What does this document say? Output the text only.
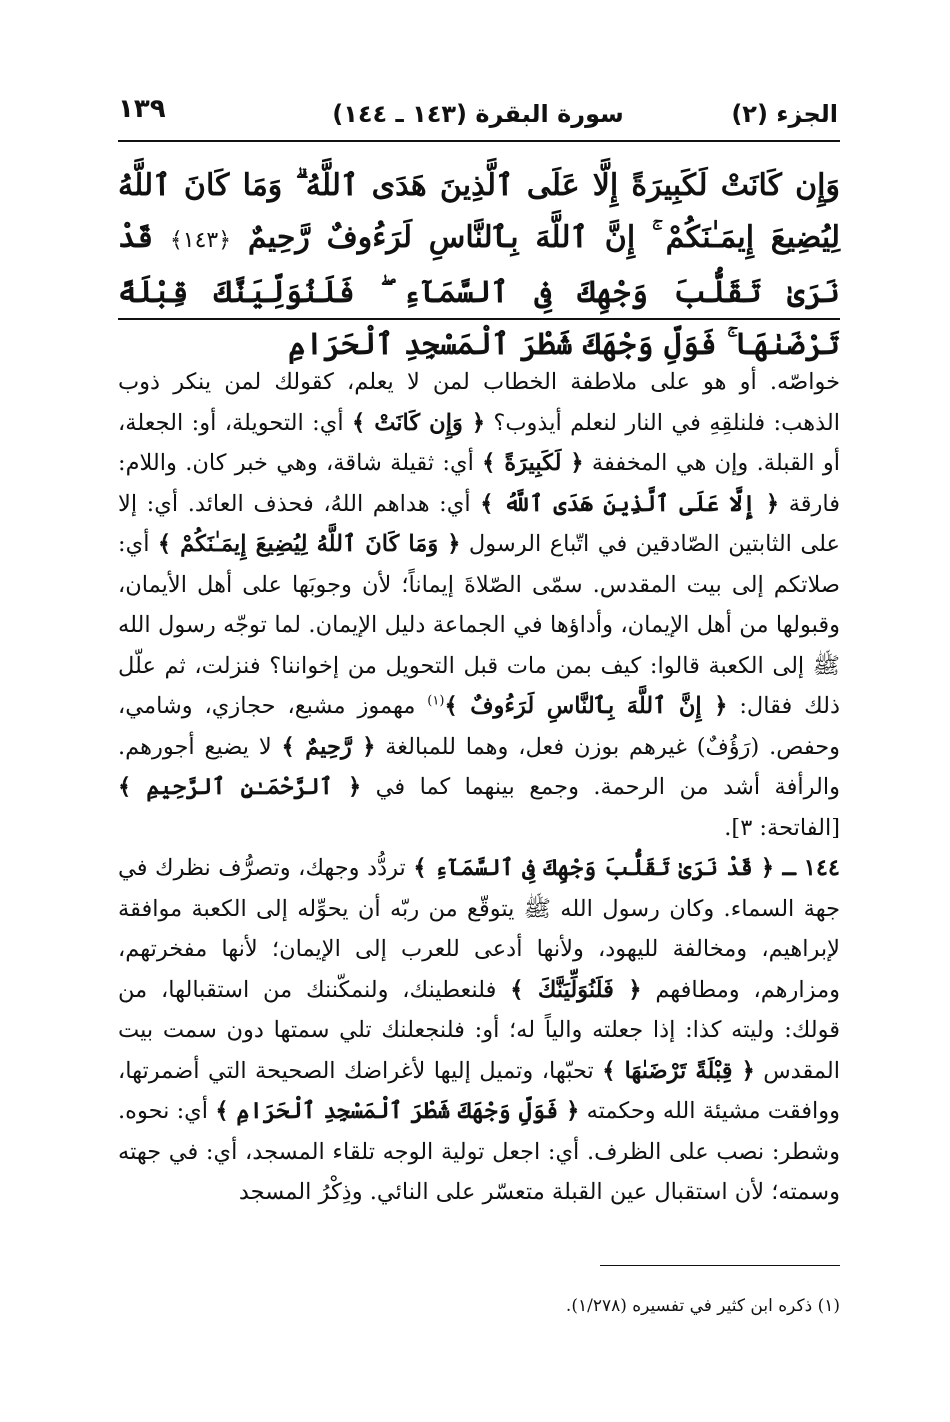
الجزء (٢)
سورة البقرة (١٤٣ ـ ١٤٤)
١٣٩
وَإِن كَانَتْ لَكَبِيرَةً إِلَّا عَلَى ٱلَّذِينَ هَدَى ٱللَّهُ ۗ وَمَا كَانَ ٱللَّهُ لِيُضِيعَ إِيمَـٰنَكُمْ ۚ إِنَّ ٱللَّهَ بِٱلنَّاسِ لَرَءُوفٌ رَّحِيمٌ ﴿١٤٣﴾ قَدْ نَرَىٰ تَقَلُّبَ وَجْهِكَ فِى ٱلسَّمَآءِ ۖ فَلَنُوَلِّيَنَّكَ قِبْلَةً تَرْضَىٰهَا ۚ فَوَلِّ وَجْهَكَ شَطْرَ ٱلْمَسْجِدِ ٱلْحَرَامِ

خواصّه. أو هو على ملاطفة الخطاب لمن لا يعلم، كقولك لمن ينكر ذوب الذهب: فلنلقِهِ في النار لنعلم أيذوب؟ ﴿ وَإِن كَانَتْ ﴾ أي: التحويلة، أو: الجعلة، أو القبلة. وإن هي المخففة ﴿ لَكَبِيرَةً ﴾ أي: ثقيلة شاقة، وهي خبر كان. واللام: فارقة ﴿ إِلَّا عَلَى ٱلَّذِينَ هَدَى ٱللَّهُ ﴾ أي: هداهم اللهُ، فحذف العائد. أي: إلا على الثابتين الصّادقين في اتّباع الرسول ﴿ وَمَا كَانَ ٱللَّهُ لِيُضِيعَ إِيمَـٰنَكُمْ ﴾ أي: صلاتكم إلى بيت المقدس. سمّى الصّلاةَ إيماناً؛ لأن وجوبَها على أهل الأيمان، وقبولها من أهل الإيمان، وأداؤها في الجماعة دليل الإيمان. لما توجّه رسول الله ﷺ إلى الكعبة قالوا: كيف بمن مات قبل التحويل من إخواننا؟ فنزلت، ثم علّل ذلك فقال: ﴿ إِنَّ ٱللَّهَ بِٱلنَّاسِ لَرَءُوفٌ ﴾$^{(١)}$ مهموز مشبع، حجازي، وشامي، وحفص. (رَؤُفٌ) غيرهم بوزن فعل، وهما للمبالغة ﴿ رَّحِيمٌ ﴾ لا يضيع أجورهم. والرأفة أشد من الرحمة. وجمع بينهما كما في ﴿ ٱلرَّحْمَـٰنِ ٱلرَّحِيمِ ﴾ [الفاتحة: ٣].

١٤٤ ـ ﴿ قَدْ نَرَىٰ تَقَلُّبَ وَجْهِكَ فِى ٱلسَّمَآءِ ﴾ تردُّد وجهك، وتصرُّف نظرك في جهة السماء. وكان رسول الله ﷺ يتوقّع من ربّه أن يحوِّله إلى الكعبة موافقة لإبراهيم، ومخالفة لليهود، ولأنها أدعى للعرب إلى الإيمان؛ لأنها مفخرتهم، ومزارهم، ومطافهم ﴿ فَلَنُوَلِّيَنَّكَ ﴾ فلنعطينك، ولنمكّننك من استقبالها، من قولك: وليته كذا: إذا جعلته والياً له؛ أو: فلنجعلنك تلي سمتها دون سمت بيت المقدس ﴿ قِبْلَةً تَرْضَىٰهَا ﴾ تحبّها، وتميل إليها لأغراضك الصحيحة التي أضمرتها، ووافقت مشيئة الله وحكمته ﴿ فَوَلِّ وَجْهَكَ شَطْرَ ٱلْمَسْجِدِ ٱلْحَرَامِ ﴾ أي: نحوه. وشطر: نصب على الظرف. أي: اجعل تولية الوجه تلقاء المسجد، أي: في جهته وسمته؛ لأن استقبال عين القبلة متعسّر على النائي. وذِكْرُ المسجد

(١) ذكره ابن كثير في تفسيره (١/٢٧٨).
